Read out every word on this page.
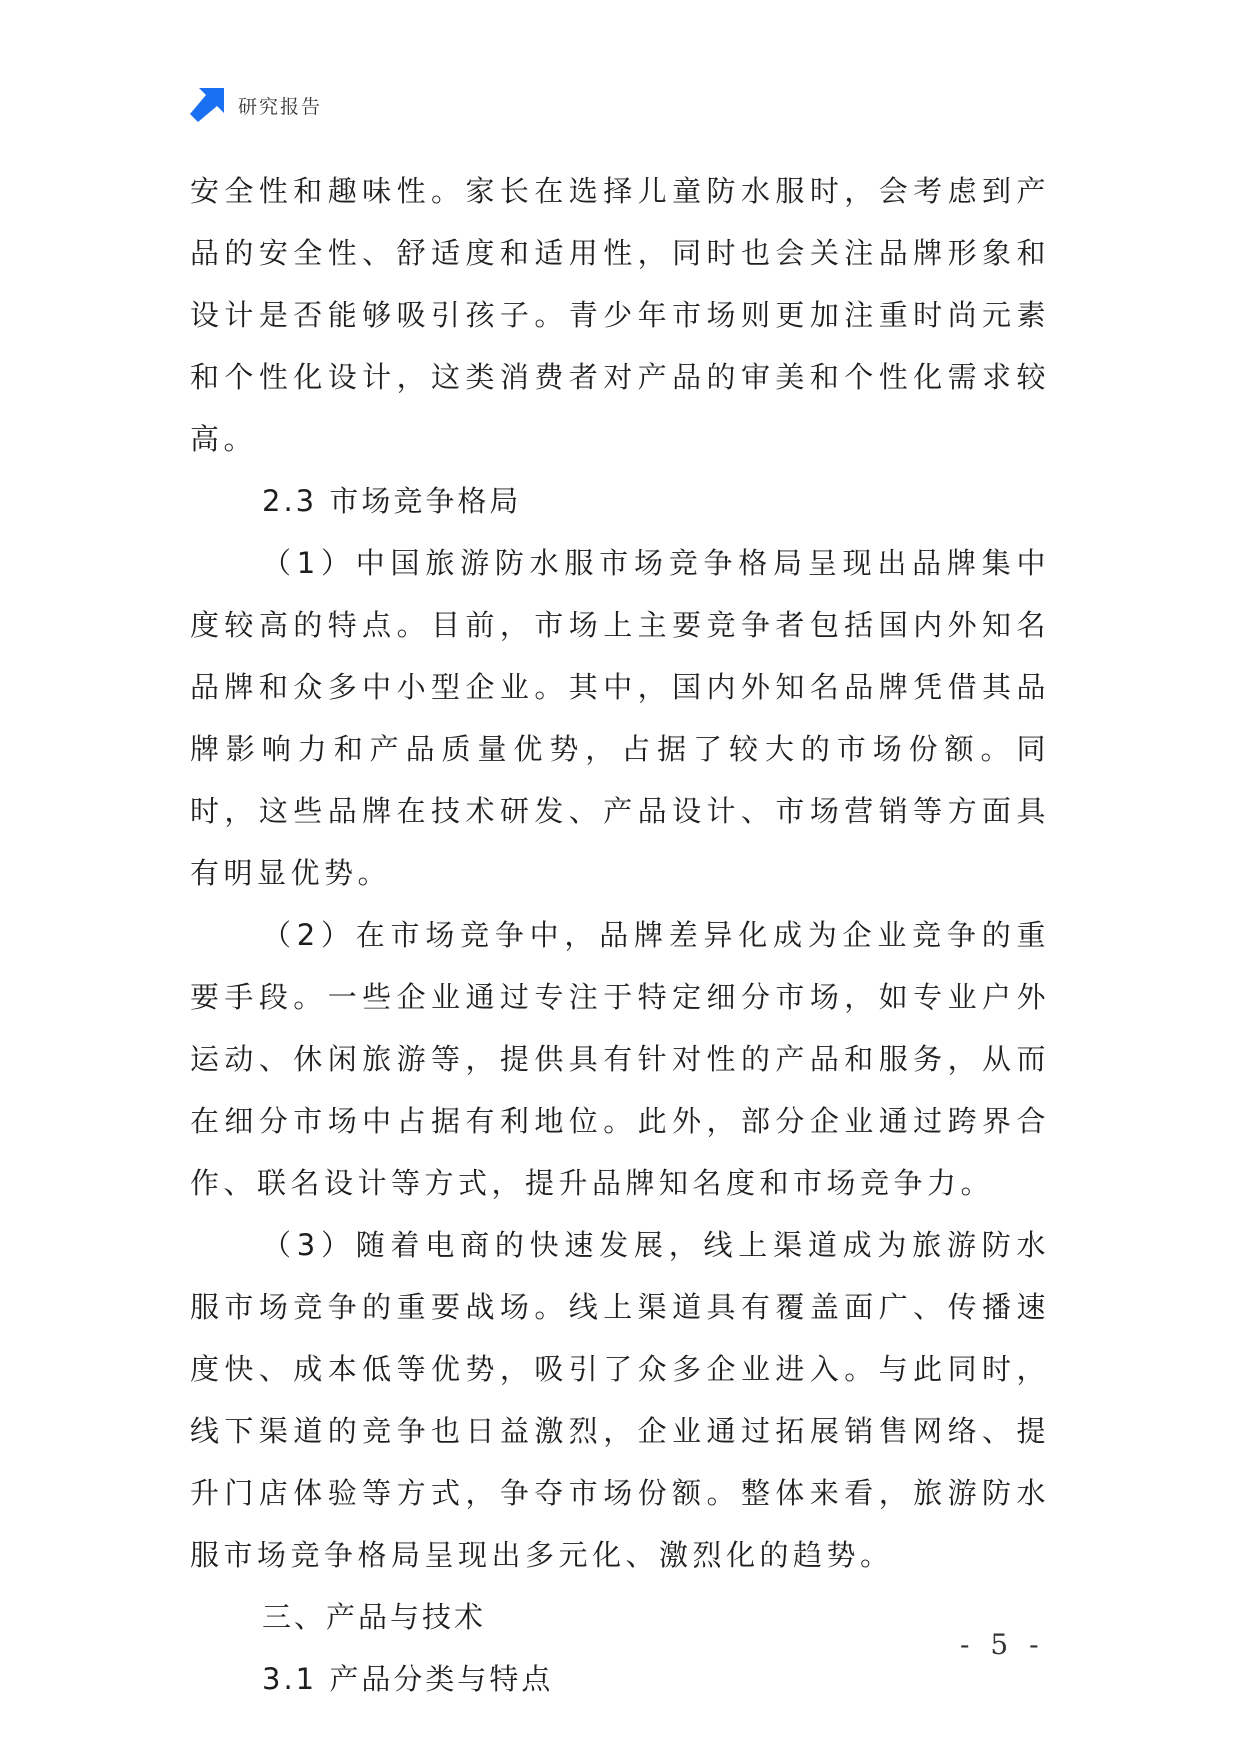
研究报告

安全性和趣味性。家长在选择儿童防水服时，会考虑到产品的安全性、舒适度和适用性，同时也会关注品牌形象和设计是否能够吸引孩子。青少年市场则更加注重时尚元素和个性化设计，这类消费者对产品的审美和个性化需求较高。

2.3 市场竞争格局

（1）中国旅游防水服市场竞争格局呈现出品牌集中度较高的特点。目前，市场上主要竞争者包括国内外知名品牌和众多中小型企业。其中，国内外知名品牌凭借其品牌影响力和产品质量优势，占据了较大的市场份额。同时，这些品牌在技术研发、产品设计、市场营销等方面具有明显优势。

（2）在市场竞争中，品牌差异化成为企业竞争的重要手段。一些企业通过专注于特定细分市场，如专业户外运动、休闲旅游等，提供具有针对性的产品和服务，从而在细分市场中占据有利地位。此外，部分企业通过跨界合作、联名设计等方式，提升品牌知名度和市场竞争力。

（3）随着电商的快速发展，线上渠道成为旅游防水服市场竞争的重要战场。线上渠道具有覆盖面广、传播速度快、成本低等优势，吸引了众多企业进入。与此同时，线下渠道的竞争也日益激烈，企业通过拓展销售网络、提升门店体验等方式，争夺市场份额。整体来看，旅游防水服市场竞争格局呈现出多元化、激烈化的趋势。

三、产品与技术

3.1 产品分类与特点

- 5 -
